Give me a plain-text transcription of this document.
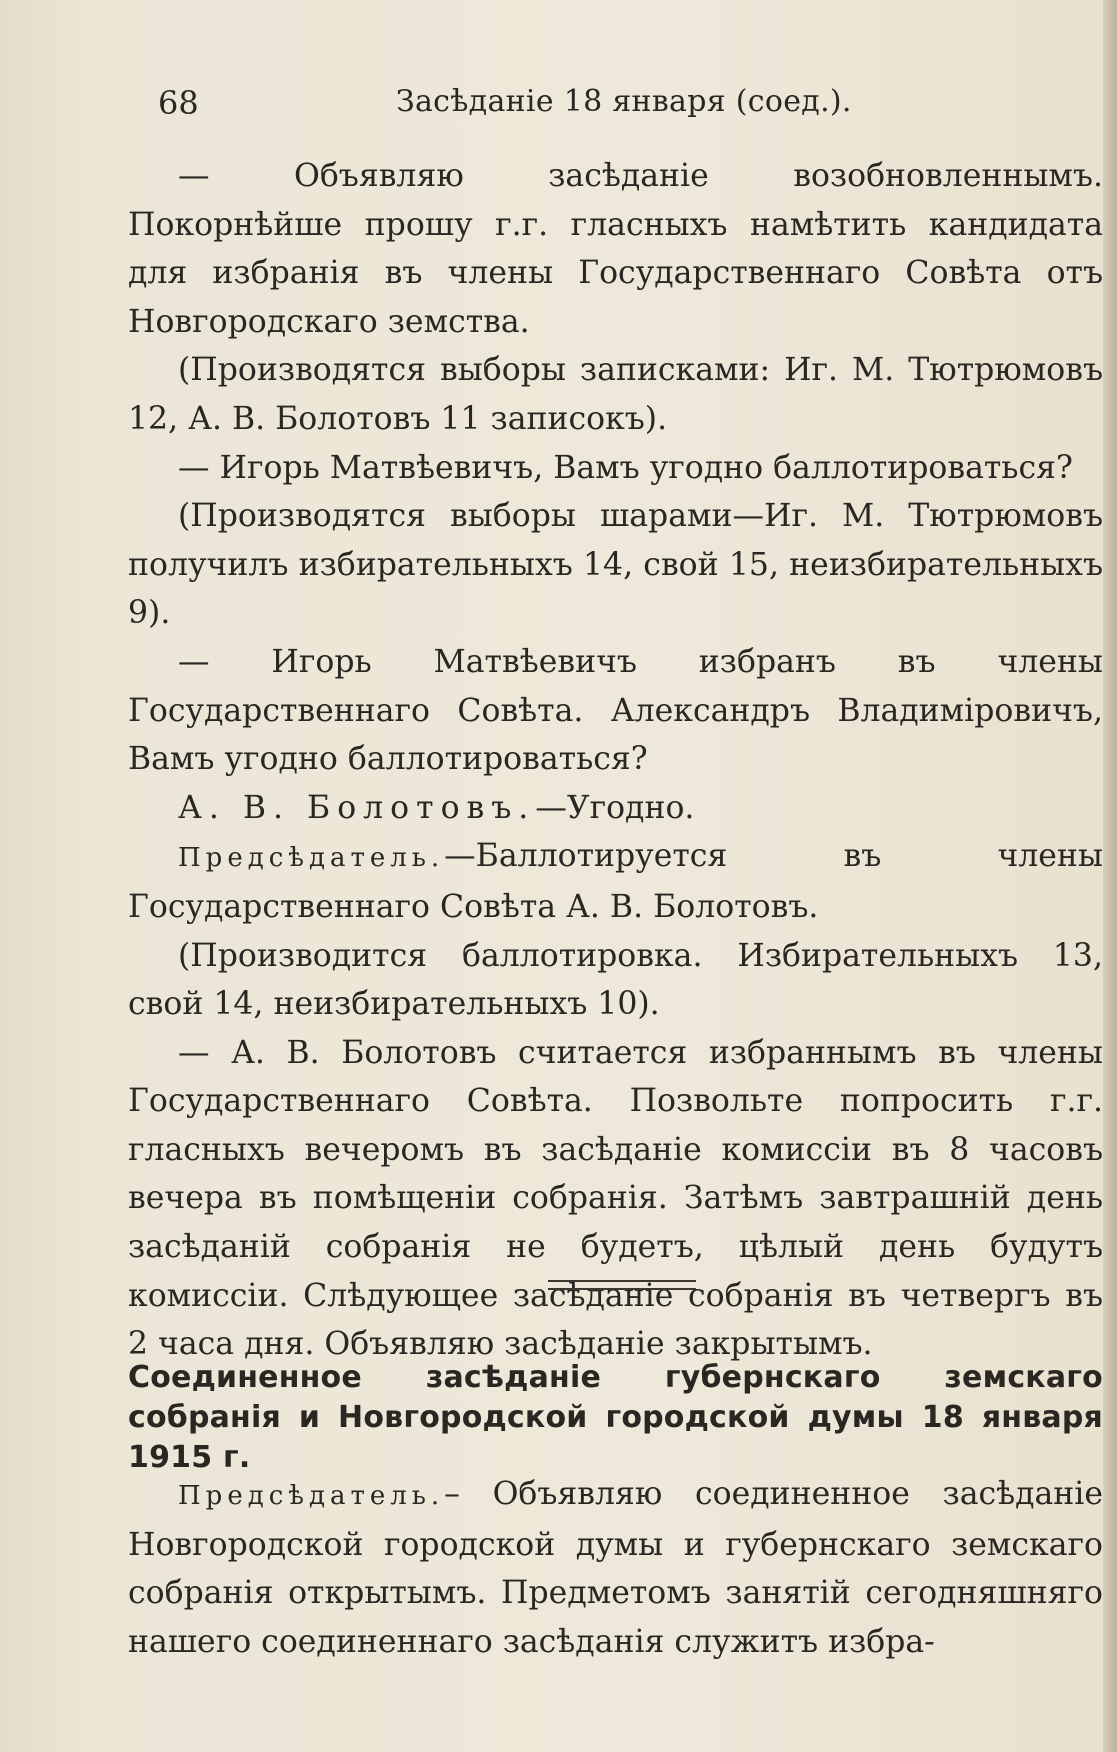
68	Засѣданіе 18 января (соед.).

— Объявляю засѣданіе возобновленнымъ. Покорнѣйше прошу г.г. гласныхъ намѣтить кандидата для избранія въ члены Государственнаго Совѣта отъ Новгородскаго земства.

(Производятся выборы записками: Иг. М. Тютрюмовъ 12, А. В. Болотовъ 11 записокъ).

— Игорь Матвѣевичъ, Вамъ угодно баллотироваться?

(Производятся выборы шарами—Иг. М. Тютрюмовъ получилъ избирательныхъ 14, свой 15, неизбирательныхъ 9).

— Игорь Матвѣевичъ избранъ въ члены Государственнаго Совѣта. Александръ Владиміровичъ, Вамъ угодно баллотироваться?

А. В. Болотовъ.—Угодно.

Предсѣдатель.—Баллотируется въ члены Государственнаго Совѣта А. В. Болотовъ.

(Производится баллотировка. Избирательныхъ 13, свой 14, неизбирательныхъ 10).

— А. В. Болотовъ считается избраннымъ въ члены Государственнаго Совѣта. Позвольте попросить г.г. гласныхъ вечеромъ въ засѣданіе комиссіи въ 8 часовъ вечера въ помѣщеніи собранія. Затѣмъ завтрашній день засѣданій собранія не будетъ, цѣлый день будутъ комиссіи. Слѣдующее засѣданіе собранія въ четвергъ въ 2 часа дня. Объявляю засѣданіе закрытымъ.

Соединенное засѣданіе губернскаго земскаго собранія и Новгородской городской думы 18 января 1915 г.

Предсѣдатель.– Объявляю соединенное засѣданіе Новгородской городской думы и губернскаго земскаго собранія открытымъ. Предметомъ занятій сегодняшняго нашего соединеннаго засѣданія служитъ избра-
